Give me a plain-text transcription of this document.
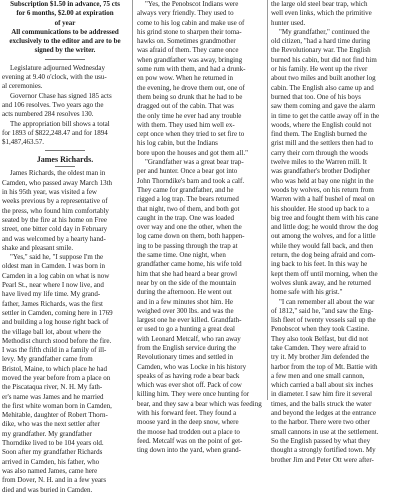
Subscription $1.50 in advance, 75 cts
for 6 months, $2.00 at expiration
of year
All communications to be addressed
exclusively to the editor and are to be
signed by the writer.

Legislature adjourned Wednesday
evening at 9.40 o'clock, with the usu-
al ceremonies.

Governor Chase has signed 185 acts
and 106 resolves. Two years ago the
acts numbered 284 resolves 130.

The appropriation bill shows a total
for 1893 of $822,248.47 and for 1894
$1,487,463.57.

James Richards.

James Richards, the oldest man in
Camden, who passed away March 13th
in his 95th year, was visited a few
weeks previous by a representative of
the press, who found him comfortably
seated by the fire at his home on Free
street, one bitter cold day in February
and was welcomed by a hearty hand-
shake and pleasant smile.

"Yes," said he, "I suppose I'm the
oldest man in Camden. I was born in
Camden in a log cabin on what is now
Pearl St., near where I now live, and
have lived my life time. My grand-
father, James Richards, was the first
settler in Camden, coming here in 1769
and building a log house right back of
the village ball lot, about where the
Methodist church stood before the fire.
I was the fifth child in a family of ill-
levy. My grandfather came from
Bristol, Maine, to which place he had
moved the year before from a place on
the Piscataqua river, N. H. My fath-
er's name was James and he married
the first white woman born in Camden,
Mehitable, daughter of Robert Thorn-
dike, who was the next settler after
my grandfather. My grandfather
Thorndike lived to be 104 years old.
Soon after my grandfather Richards
arrived in Camden, his father, who
was also named James, came here
from Dover, N. H. and in a few years
died and was buried in Camden.

"Yes, the Penobscot Indians were
always very friendly. They used to
come to his log cabin and make use of
his grind stone to sharpen their toma-
hawks on. Sometimes grandmother
was afraid of them. They came once
when grandfather was away, bringing
some rum with them, and had a drunk-
en pow wow. When he returned in
the evening, he drove them out, one of
them being so drunk that he had to be
dragged out of the cabin. That was
the only time he ever had any trouble
with them. They used him well ex-
cept once when they tried to set fire to
his log cabin, but the Indians
bore upon the houses and got them all."

"Grandfather was a great bear trap-
per and hunter. Once a bear got into
John Thorndike's barn and took a calf.
They came for grandfather, and he
rigged a log trap. The bears returned
that night, two of them, and both got
caught in the trap. One was loaded
over way and one the other, when the
log came down on them, both happen-
ing to be passing through the trap at
the same time. One night, when
grandfather came home, his wife told
him that she had heard a bear growl
near by on the side of the mountain
during the afternoon. He went out
and in a few minutes shot him. He
weighed over 300 lbs. and was the
largest one he ever killed. Grandfath-
er used to go a hunting a great deal
with Leonard Metcalf, who ran away
from the English service during the
Revolutionary times and settled in
Camden, who was Locke in his history
speaks of as having rode a bear back
which was ever shot off. Pack of cow
killing him. They were once hunting for
bear, and they saw a bear which was feeding
with his forward feet. They found a
moose yard in the deep snow, where
the moose had trodden out a place to
feed. Metcalf was on the point of get-
ting down into the yard, when grand-

the large old steel bear trap, which
well even links, which the primitive
hunter used.

"My grandfather," continued the
old citizen, "had a hard time during
the Revolutionary war. The English
burned his cabin, but did not find him
or his family. He went up the river
about two miles and built another log
cabin. The English also came up and
burned that too. One of his boys
saw them coming and gave the alarm
in time to get the cattle away off in the
woods, where the English could not
find them. The English burned the
grist mill and the settlers then had to
carry their corn through the woods
twelve miles to the Warren mill. It
was grandfather's brother Dodipher
who was held at bay one night in the
woods by wolves, on his return from
Warren with a half bushel of meal on
his shoulder. He stood up back to a
big tree and fought them with his cane
and little dog; he would throw the dog
out among the wolves, and for a little
while they would fall back, and then
return, the dog being afraid and com-
ing back to his feet. In this way he
kept them off until morning, when the
wolves slunk away, and he returned
home safe with his grist."

"I can remember all about the war
of 1812," said he, "and saw the Eng-
lish fleet of twenty vessels sail up the
Penobscot when they took Castine.
They also took Belfast, but did not
take Camden. They were afraid to
try it. My brother Jim defended the
harbor from the top of Mt. Battie with
a few men and one small cannon,
which carried a ball about six inches
in diameter. I saw him fire it several
times, and the balls struck the water
and beyond the ledges at the entrance
to the harbor. There were two other
small cannons in use at the settlement.
So the English passed by what they
thought a strongly fortified town. My
brother Jim and Peter Ott were after-
